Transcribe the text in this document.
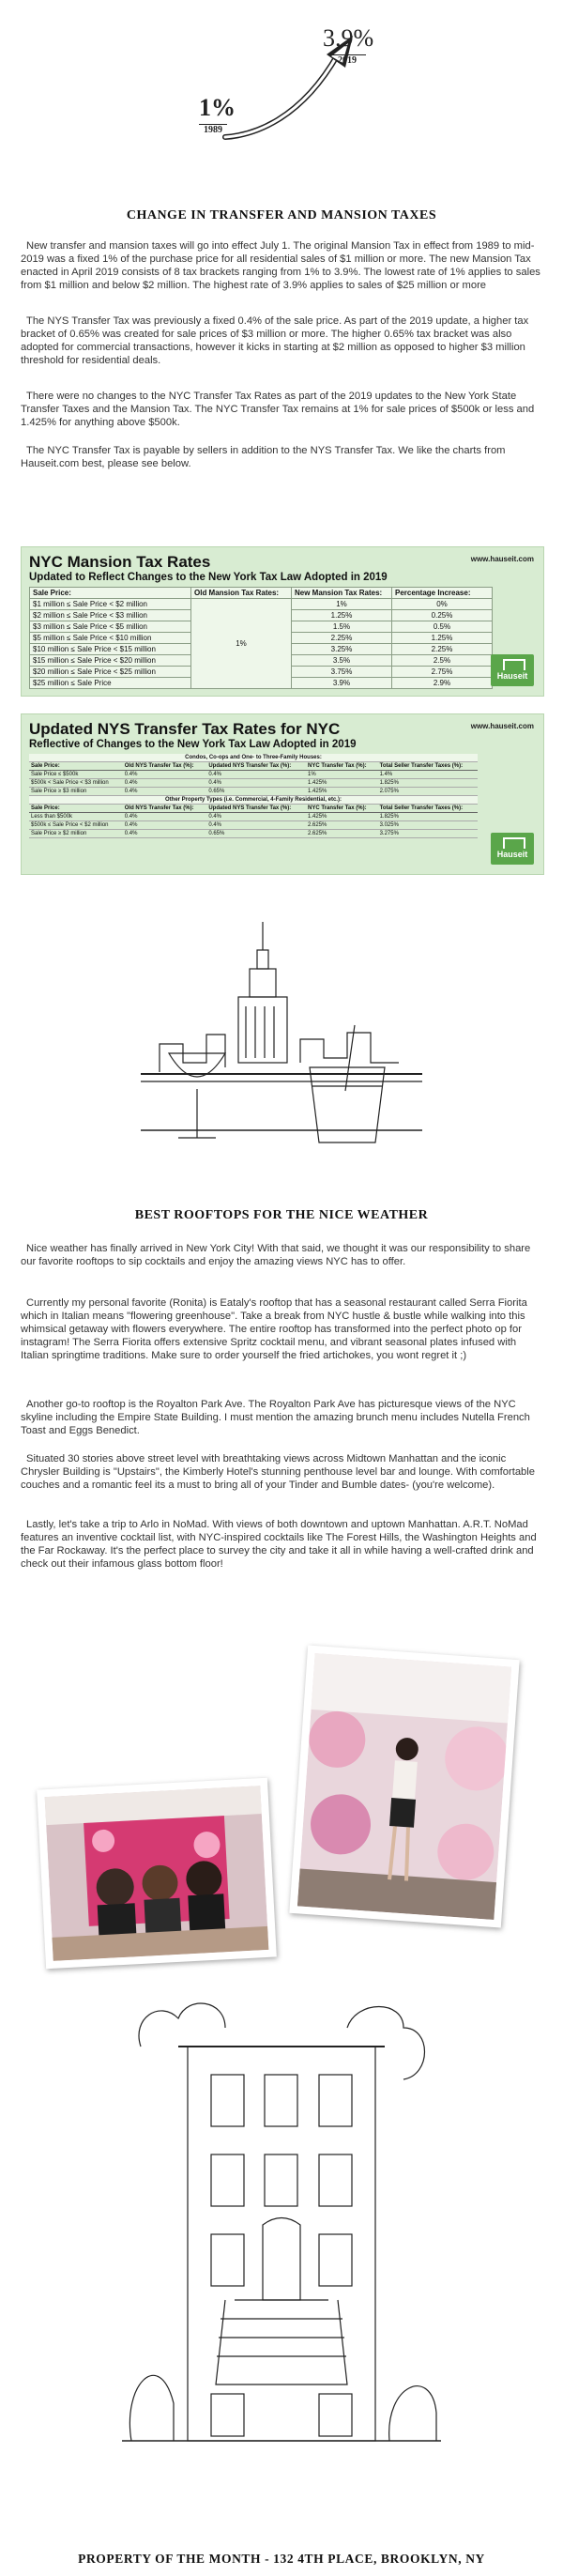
1%
1989
3.9%
2019
CHANGE IN TRANSFER AND MANSION TAXES

New transfer and mansion taxes will go into effect July 1. The original Mansion Tax in effect from 1989 to mid-2019 was a fixed 1% of the purchase price for all residential sales of $1 million or more. The new Mansion Tax enacted in April 2019 consists of 8 tax brackets ranging from 1% to 3.9%. The lowest rate of 1% applies to sales from $1 million and below $2 million. The highest rate of 3.9% applies to sales of $25 million or more

The NYS Transfer Tax was previously a fixed 0.4% of the sale price. As part of the 2019 update, a higher tax bracket of 0.65% was created for sale prices of $3 million or more. The higher 0.65% tax bracket was also adopted for commercial transactions, however it kicks in starting at $2 million as opposed to higher $3 million threshold for residential deals.

There were no changes to the NYC Transfer Tax Rates as part of the 2019 updates to the New York State Transfer Taxes and the Mansion Tax. The NYC Transfer Tax remains at 1% for sale prices of $500k or less and 1.425% for anything above $500k.

The NYC Transfer Tax is payable by sellers in addition to the NYS Transfer Tax. We like the charts from Hauseit.com best, please see below.

NYC Mansion Tax Rates
Updated to Reflect Changes to the New York Tax Law Adopted in 2019
www.hauseit.com
Sale Price:	Old Mansion Tax Rates:	New Mansion Tax Rates:	Percentage Increase:
$1 million ≤ Sale Price < $2 million	1%	1%	0%
$2 million ≤ Sale Price < $3 million		1.25%	0.25%
$3 million ≤ Sale Price < $5 million		1.5%	0.5%
$5 million ≤ Sale Price < $10 million		2.25%	1.25%
$10 million ≤ Sale Price < $15 million		3.25%	2.25%
$15 million ≤ Sale Price < $20 million		3.5%	2.5%
$20 million ≤ Sale Price < $25 million		3.75%	2.75%
$25 million ≤ Sale Price		3.9%	2.9%
Hauseit
Updated NYS Transfer Tax Rates for NYC
Reflective of Changes to the New York Tax Law Adopted in 2019
www.hauseit.com
Condos, Co-ops and One- to Three-Family Houses:				
Sale Price:	Old NYS Transfer Tax (%):	Updated NYS Transfer Tax (%):	NYC Transfer Tax (%):	Total Seller Transfer Taxes (%):
Sale Price ≤ $500k	0.4%	0.4%	1%	1.4%
$500k < Sale Price < $3 million	0.4%	0.4%	1.425%	1.825%
Sale Price ≥ $3 million	0.4%	0.65%	1.425%	2.075%
Other Property Types (i.e. Commercial, 4-Family Residential, etc.):				
Sale Price:	Old NYS Transfer Tax (%):	Updated NYS Transfer Tax (%):	NYC Transfer Tax (%):	Total Seller Transfer Taxes (%):
Less than $500k	0.4%	0.4%	1.425%	1.825%
$500k ≤ Sale Price < $2 million	0.4%	0.4%	2.625%	3.025%
Sale Price ≥ $2 million	0.4%	0.65%	2.625%	3.275%
Hauseit
BEST ROOFTOPS FOR THE NICE WEATHER

Nice weather has finally arrived in New York City! With that said, we thought it was our responsibility to share our favorite rooftops to sip cocktails and enjoy the amazing views NYC has to offer.

Currently my personal favorite (Ronita) is Eataly's rooftop that has a seasonal restaurant called Serra Fiorita which in Italian means "flowering greenhouse". Take a break from NYC hustle & bustle while walking into this whimsical getaway with flowers everywhere. The entire rooftop has transformed into the perfect photo op for instagram! The Serra Fiorita offers extensive Spritz cocktail menu, and vibrant seasonal plates infused with Italian springtime traditions. Make sure to order yourself the fried artichokes, you wont regret it ;)

Another go-to rooftop is the Royalton Park Ave. The Royalton Park Ave has picturesque views of the NYC skyline including the Empire State Building. I must mention the amazing brunch menu includes Nutella French Toast and Eggs Benedict.

Situated 30 stories above street level with breathtaking views across Midtown Manhattan and the iconic Chrysler Building is "Upstairs", the Kimberly Hotel's stunning penthouse level bar and lounge. With comfortable couches and a romantic feel its a must to bring all of your Tinder and Bumble dates- (you're welcome).

Lastly, let's take a trip to Arlo in NoMad. With views of both downtown and uptown Manhattan. A.R.T. NoMad features an inventive cocktail list, with NYC-inspired cocktails like The Forest Hills, the Washington Heights and the Far Rockaway. It's the perfect place to survey the city and take it all in while having a well-crafted drink and check out their infamous glass bottom floor!

PROPERTY OF THE MONTH - 132 4TH PLACE, BROOKLYN, NY
